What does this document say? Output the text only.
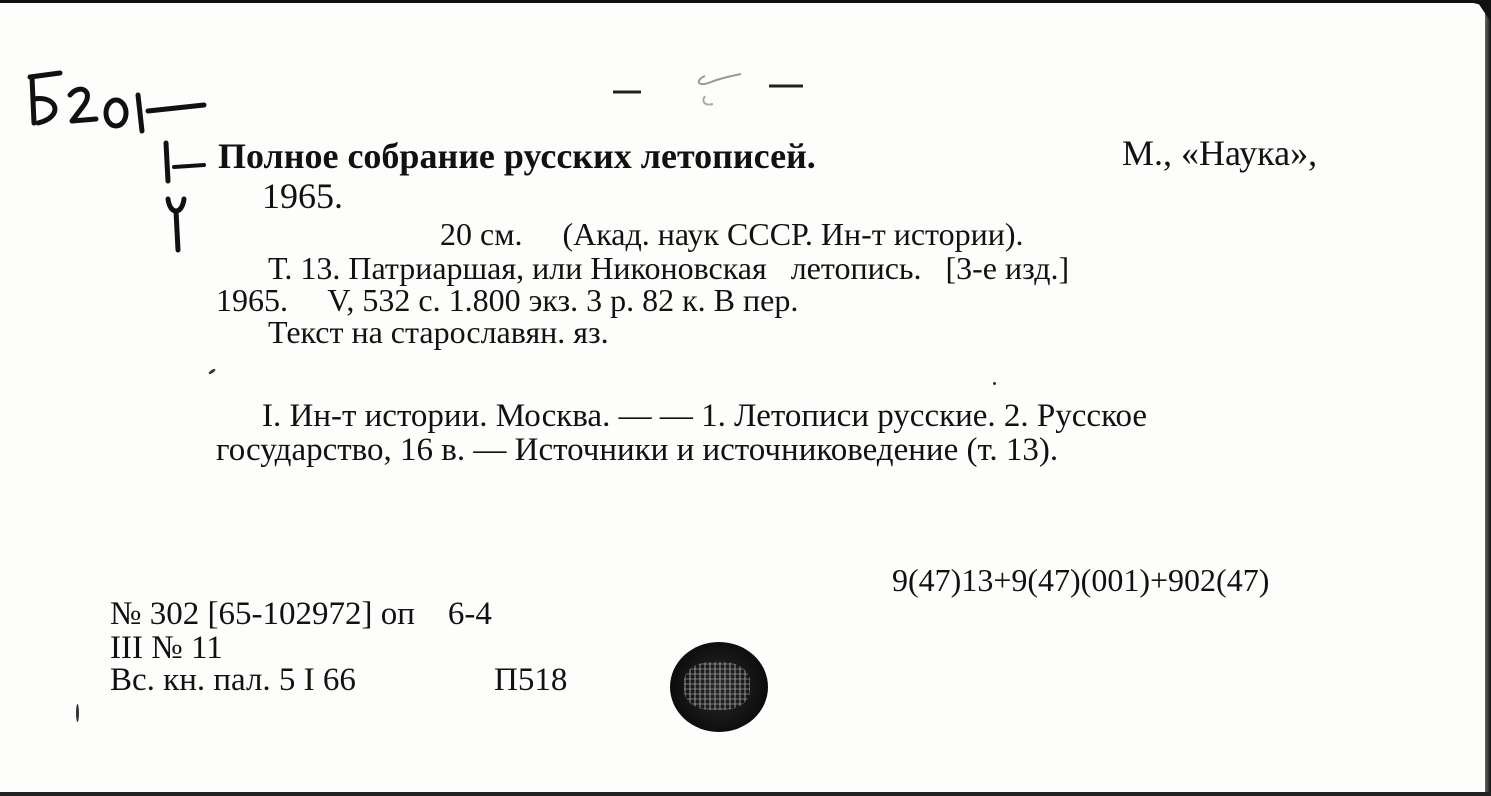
Полное собрание русских летописей.	М., «Наука»,
1965.
20 см.     (Акад. наук СССР. Ин-т истории).
Т. 13. Патриаршая, или Никоновская   летопись.   [3-е изд.]
1965.     V, 532 с. 1.800 экз. 3 р. 82 к. В пер.
Текст на старославян. яз.
I. Ин-т истории. Москва. — — 1. Летописи русские. 2. Русское
государство, 16 в. — Источники и источниковедение (т. 13).
9(47)13+9(47)(001)+902(47)
№ 302 [65-102972] оп    6-4
III № 11
Вс. кн. пал. 5 I 66	П518
